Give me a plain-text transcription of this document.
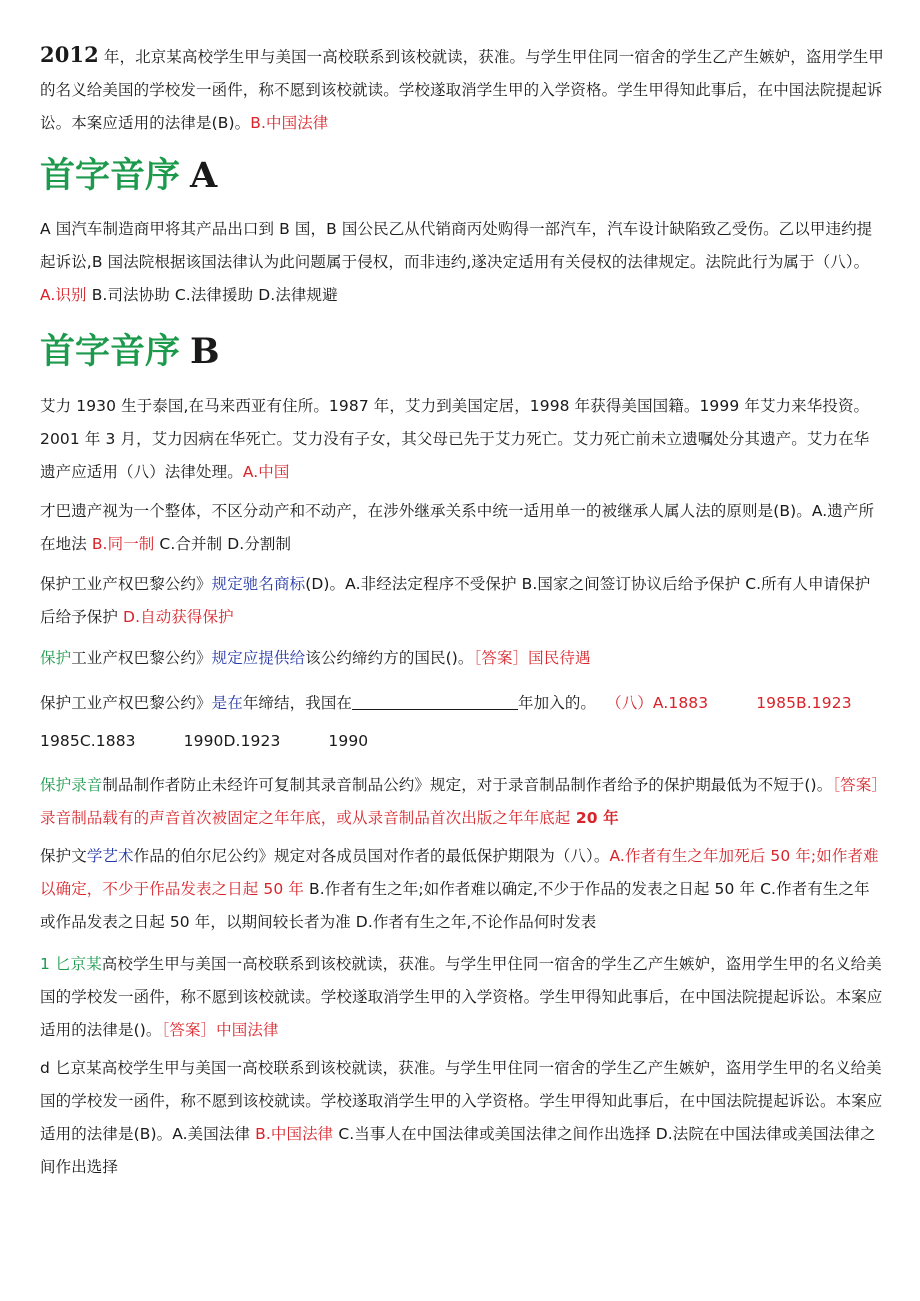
2012 年，北京某高校学生甲与美国一高校联系到该校就读，获准。与学生甲住同一宿舍的学生乙产生嫉妒，盗用学生甲的名义给美国的学校发一函件，称不愿到该校就读。学校遂取消学生甲的入学资格。学生甲得知此事后，在中国法院提起诉讼。本案应适用的法律是(B)。B.中国法律

首字音序 A

A 国汽车制造商甲将其产品出口到 B 国，B 国公民乙从代销商丙处购得一部汽车，汽车设计缺陷致乙受伤。乙以甲违约提起诉讼,B 国法院根据该国法律认为此问题属于侵权，而非违约,遂决定适用有关侵权的法律规定。法院此行为属于（八）。A.识别 B.司法协助 C.法律援助 D.法律规避

首字音序 B

艾力 1930 生于泰国,在马来西亚有住所。1987 年，艾力到美国定居，1998 年获得美国国籍。1999 年艾力来华投资。2001 年 3 月，艾力因病在华死亡。艾力没有子女，其父母已先于艾力死亡。艾力死亡前未立遗嘱处分其遗产。艾力在华遗产应适用（八）法律处理。A.中国

才巴遗产视为一个整体，不区分动产和不动产，在涉外继承关系中统一适用单一的被继承人属人法的原则是(B)。A.遗产所在地法 B.同一制 C.合并制 D.分割制

保护工业产权巴黎公约》规定驰名商标(D)。A.非经法定程序不受保护 B.国家之间签订协议后给予保护 C.所有人申请保护后给予保护 D.自动获得保护

保护工业产权巴黎公约》规定应提供给该公约缔约方的国民()。［答案］国民待遇

保护工业产权巴黎公约》是在年缔结，我国在	年加入的。 （八）A.1883	1985B.1923
1985C.1883	1990D.1923	1990

保护录音制品制作者防止未经许可复制其录音制品公约》规定，对于录音制品制作者给予的保护期最低为不短于()。［答案］录音制品载有的声音首次被固定之年年底，或从录音制品首次出版之年年底起 20 年

保护文学艺术作品的伯尔尼公约》规定对各成员国对作者的最低保护期限为（八）。A.作者有生之年加死后 50 年;如作者难以确定，不少于作品发表之日起 50 年 B.作者有生之年;如作者难以确定,不少于作品的发表之日起 50 年 C.作者有生之年或作品发表之日起 50 年，以期间较长者为准 D.作者有生之年,不论作品何时发表

1 匕京某高校学生甲与美国一高校联系到该校就读，获准。与学生甲住同一宿舍的学生乙产生嫉妒，盗用学生甲的名义给美国的学校发一函件，称不愿到该校就读。学校遂取消学生甲的入学资格。学生甲得知此事后，在中国法院提起诉讼。本案应适用的法律是()。［答案］中国法律

d 匕京某高校学生甲与美国一高校联系到该校就读，获准。与学生甲住同一宿舍的学生乙产生嫉妒，盗用学生甲的名义给美国的学校发一函件，称不愿到该校就读。学校遂取消学生甲的入学资格。学生甲得知此事后，在中国法院提起诉讼。本案应适用的法律是(B)。A.美国法律 B.中国法律 C.当事人在中国法律或美国法律之间作出选择 D.法院在中国法律或美国法律之间作出选择
